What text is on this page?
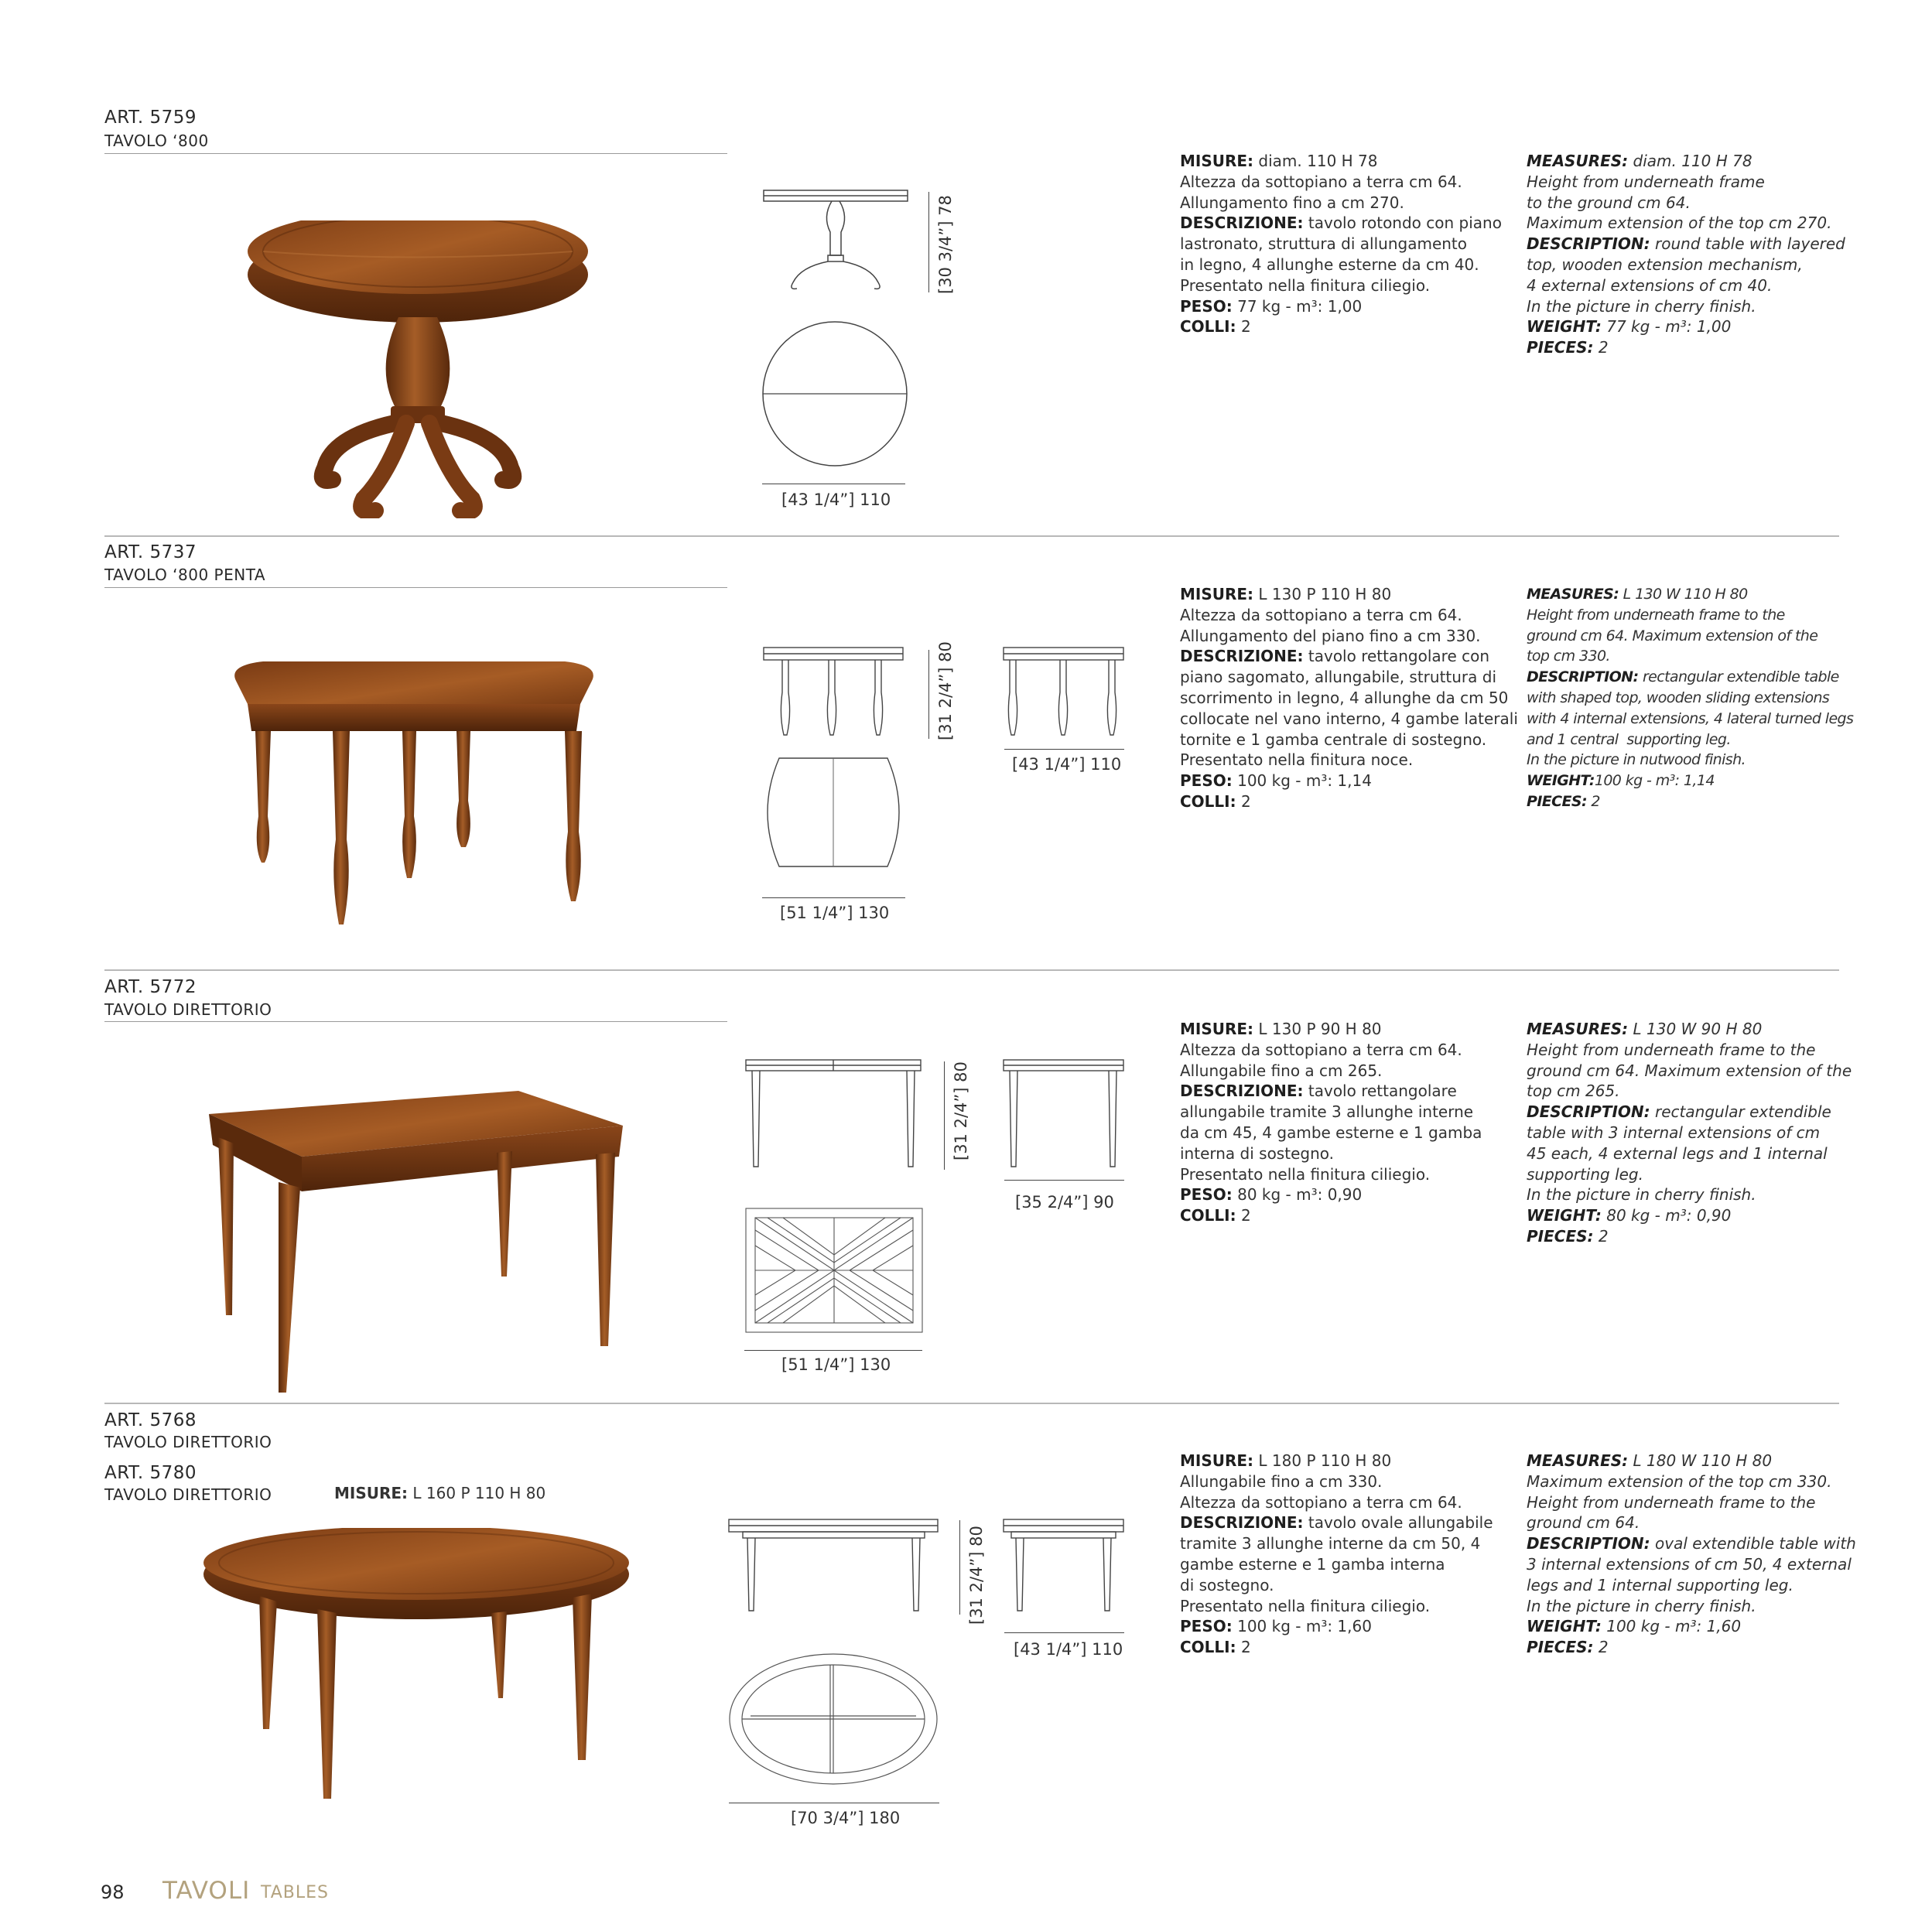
ART. 5759
TAVOLO ‘800
[30 3/4”] 78
[43 1/4”] 110

MISURE: diam. 110 H 78

Altezza da sottopiano a terra cm 64.

Allungamento fino a cm 270.

DESCRIZIONE: tavolo rotondo con piano

lastronato, struttura di allungamento

in legno, 4 allunghe esterne da cm 40.

Presentato nella finitura ciliegio.

PESO: 77 kg - m³: 1,00

COLLI: 2

MEASURES: diam. 110 H 78

Height from underneath frame

to the ground cm 64.

Maximum extension of the top cm 270.

DESCRIPTION: round table with layered

top, wooden extension mechanism,

4 external extensions of cm 40.

In the picture in cherry finish.

WEIGHT: 77 kg - m³: 1,00

PIECES: 2

ART. 5737
TAVOLO ‘800 PENTA
[31 2/4”] 80
[43 1/4”] 110
[51 1/4”] 130

MISURE: L 130 P 110 H 80

Altezza da sottopiano a terra cm 64.

Allungamento del piano fino a cm 330.

DESCRIZIONE: tavolo rettangolare con

piano sagomato, allungabile, struttura di

scorrimento in legno, 4 allunghe da cm 50

collocate nel vano interno, 4 gambe laterali

tornite e 1 gamba centrale di sostegno.

Presentato nella finitura noce.

PESO: 100 kg - m³: 1,14

COLLI: 2

MEASURES: L 130 W 110 H 80

Height from underneath frame to the

ground cm 64. Maximum extension of the

top cm 330.

DESCRIPTION: rectangular extendible table

with shaped top, wooden sliding extensions

with 4 internal extensions, 4 lateral turned legs

and 1 central  supporting leg.

In the picture in nutwood finish.

WEIGHT:100 kg - m³: 1,14

PIECES: 2

ART. 5772
TAVOLO DIRETTORIO
[31 2/4”] 80
[35 2/4”] 90
[51 1/4”] 130

MISURE: L 130 P 90 H 80

Altezza da sottopiano a terra cm 64.

Allungabile fino a cm 265.

DESCRIZIONE: tavolo rettangolare

allungabile tramite 3 allunghe interne

da cm 45, 4 gambe esterne e 1 gamba

interna di sostegno.

Presentato nella finitura ciliegio.

PESO: 80 kg - m³: 0,90

COLLI: 2

MEASURES: L 130 W 90 H 80

Height from underneath frame to the

ground cm 64. Maximum extension of the

top cm 265.

DESCRIPTION: rectangular extendible

table with 3 internal extensions of cm

45 each, 4 external legs and 1 internal

supporting leg.

In the picture in cherry finish.

WEIGHT: 80 kg - m³: 0,90

PIECES: 2

ART. 5768
TAVOLO DIRETTORIO
ART. 5780
TAVOLO DIRETTORIO	MISURE: L 160 P 110 H 80
[31 2/4”] 80
[43 1/4”] 110
[70 3/4”] 180

MISURE: L 180 P 110 H 80

Allungabile fino a cm 330.

Altezza da sottopiano a terra cm 64.

DESCRIZIONE: tavolo ovale allungabile

tramite 3 allunghe interne da cm 50, 4

gambe esterne e 1 gamba interna

di sostegno.

Presentato nella finitura ciliegio.

PESO: 100 kg - m³: 1,60

COLLI: 2

MEASURES: L 180 W 110 H 80

Maximum extension of the top cm 330.

Height from underneath frame to the

ground cm 64.

DESCRIPTION: oval extendible table with

3 internal extensions of cm 50, 4 external

legs and 1 internal supporting leg.

In the picture in cherry finish.

WEIGHT: 100 kg - m³: 1,60

PIECES: 2

98 TAVOLI TABLES
